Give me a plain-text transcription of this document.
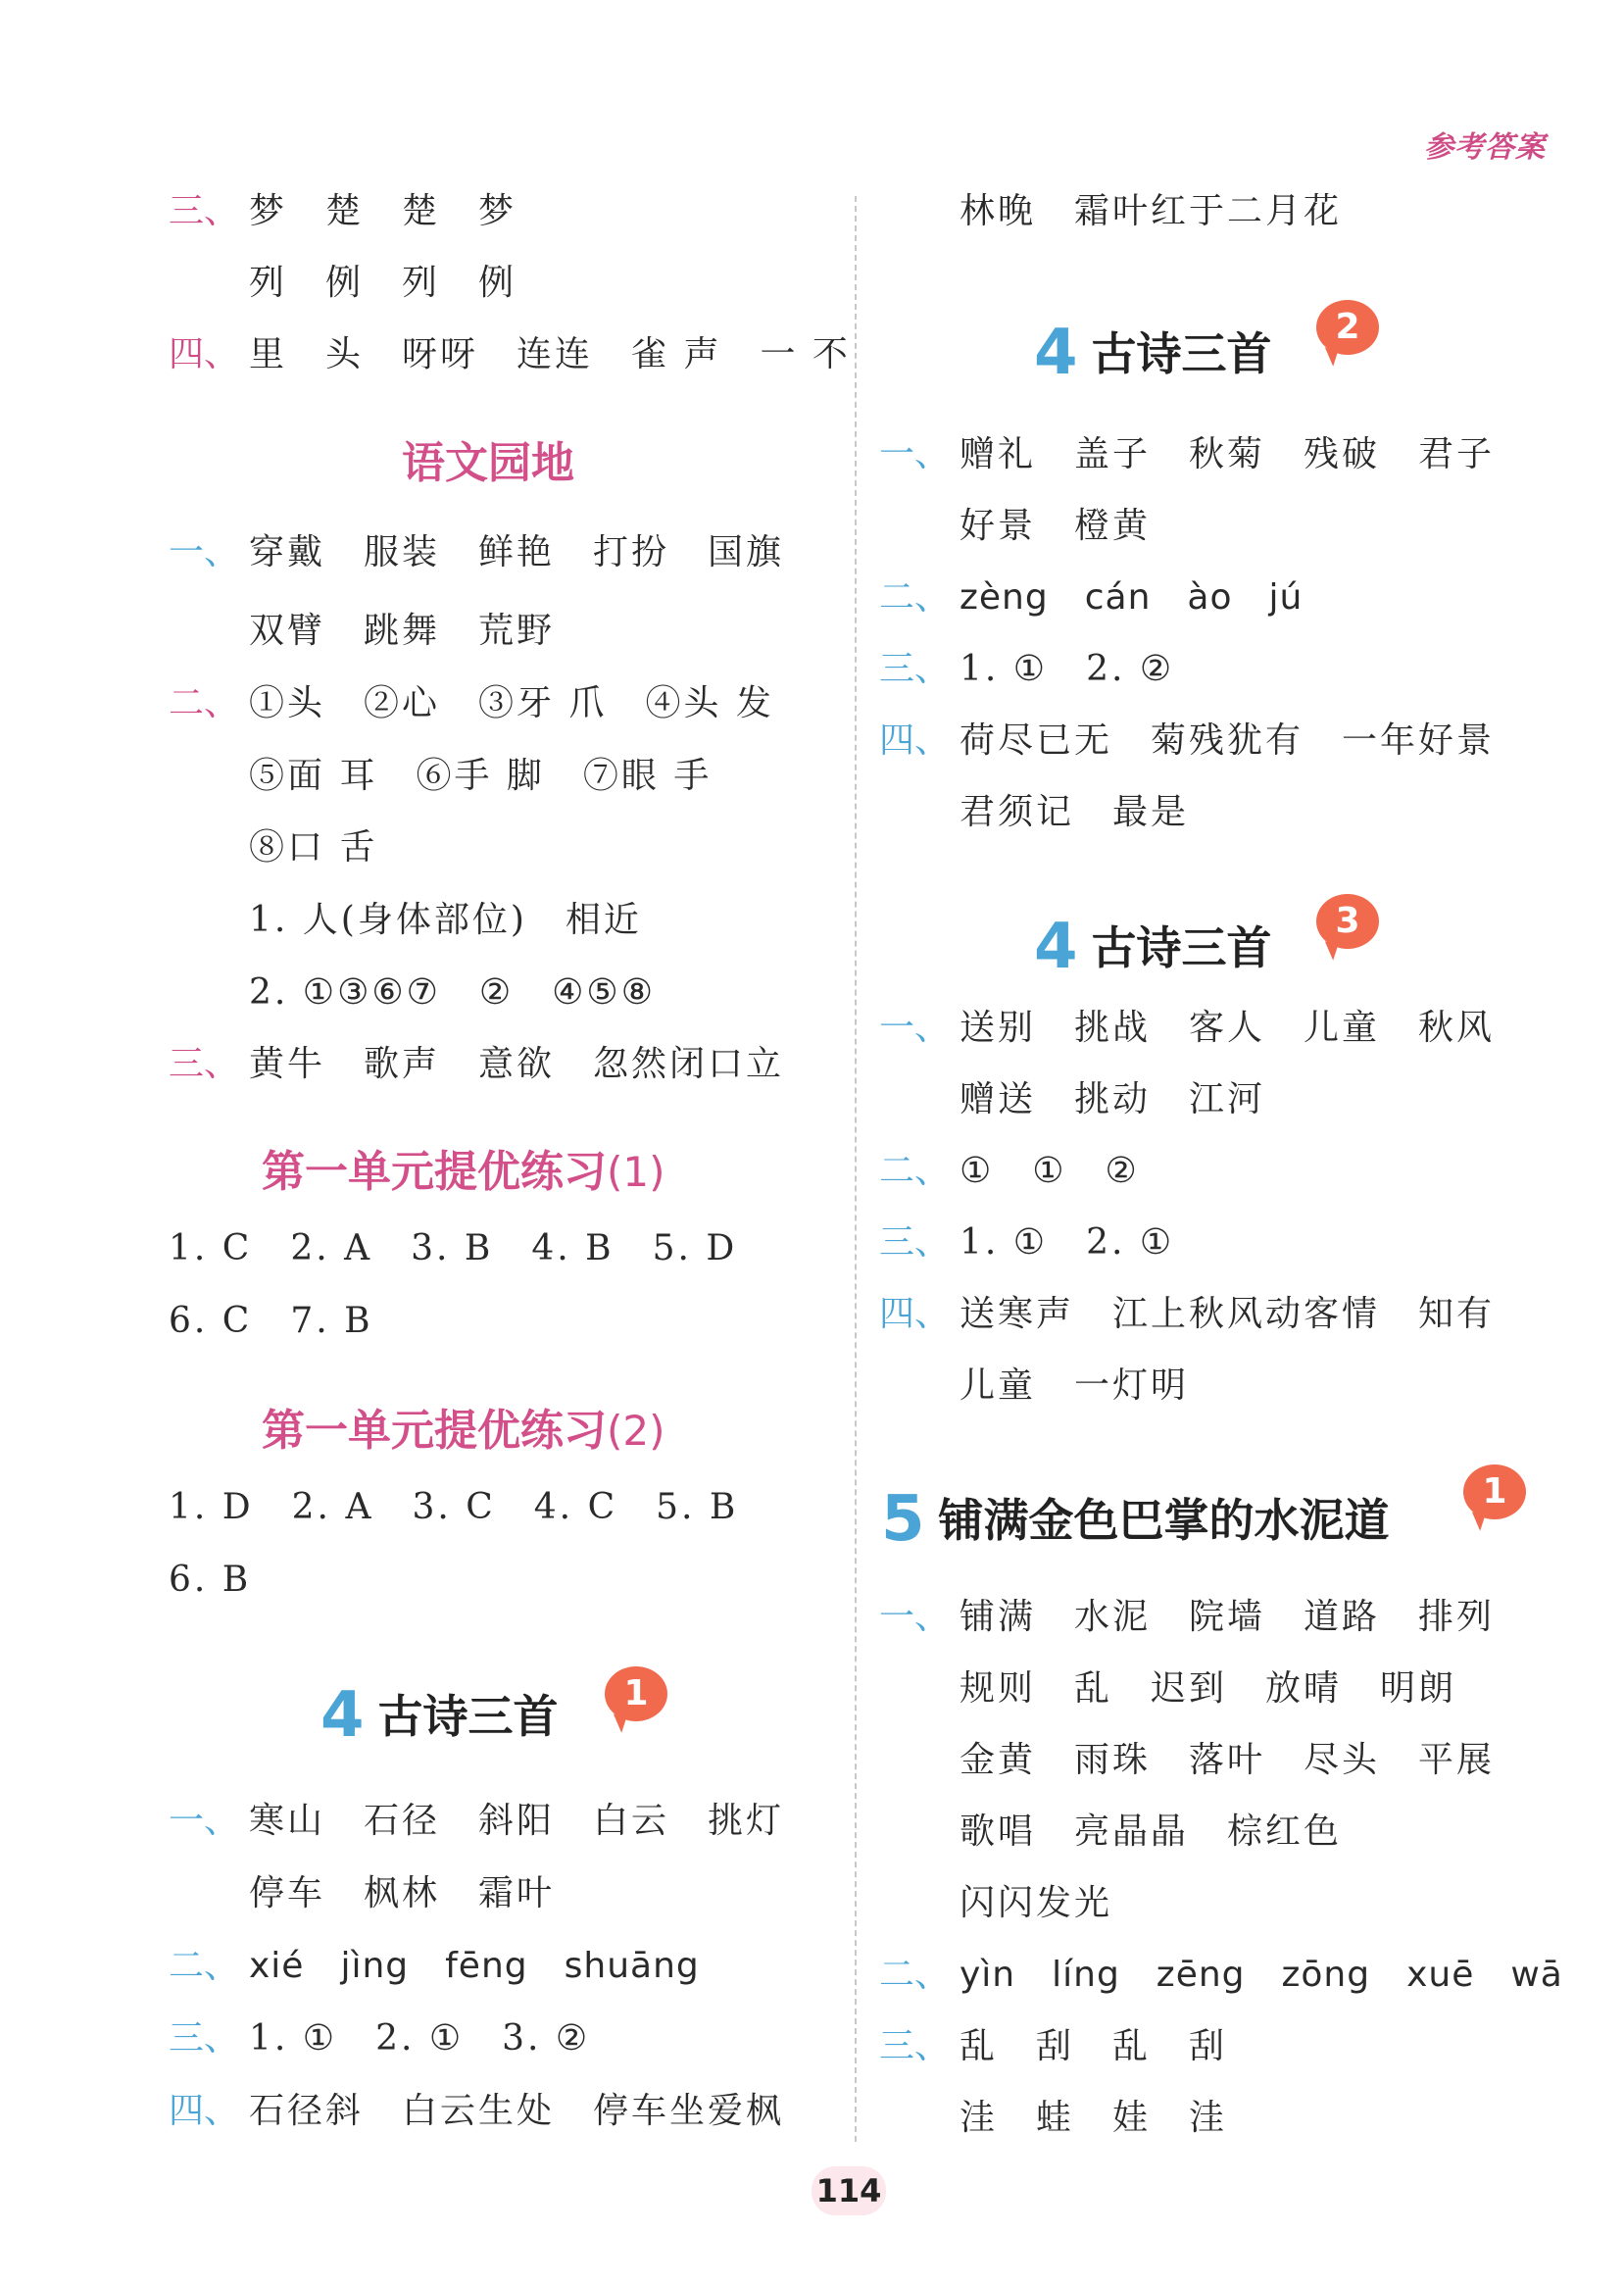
参考答案
三、 梦　楚　楚　梦
列　例　列　例
四、 里　头　呀呀　连连　雀 声　一 不
语文园地
一、 穿戴　服装　鲜艳　打扮　国旗
双臂　跳舞　荒野
二、 ①头　②心　③牙 爪　④头 发
⑤面 耳　⑥手 脚　⑦眼 手
⑧口 舌
1. 人(身体部位)　相近
2. ①③⑥⑦　②　④⑤⑧
三、 黄牛　歌声　意欲　忽然闭口立
第一单元提优练习(1)
1. C　2. A　3. B　4. B　5. D
6. C　7. B
第一单元提优练习(2)
1. D　2. A　3. C　4. C　5. B
6. B
4 古诗三首	1
一、 寒山　石径　斜阳　白云　挑灯
停车　枫林　霜叶
二、 xié　jìng　fēng　shuāng
三、 1. ①　2. ①　3. ②
四、 石径斜　白云生处　停车坐爱枫
林晚　霜叶红于二月花
4 古诗三首
2
一、 赠礼　盖子　秋菊　残破　君子
好景　橙黄
二、 zèng　cán　ào　jú
三、 1. ①　2. ②
四、 荷尽已无　菊残犹有　一年好景
君须记　最是
4 古诗三首
3
一、 送别　挑战　客人　儿童　秋风
赠送　挑动　江河
二、 ①　①　②
三、 1. ①　2. ①
四、 送寒声　江上秋风动客情　知有
儿童　一灯明
5 铺满金色巴掌的水泥道
1
一、 铺满　水泥　院墙　道路　排列
规则　乱　迟到　放晴　明朗
金黄　雨珠　落叶　尽头　平展
歌唱　亮晶晶　棕红色
闪闪发光
二、 yìn　líng　zēng　zōng　xuē　wā
三、 乱　刮　乱　刮
洼　蛙　娃　洼
114
